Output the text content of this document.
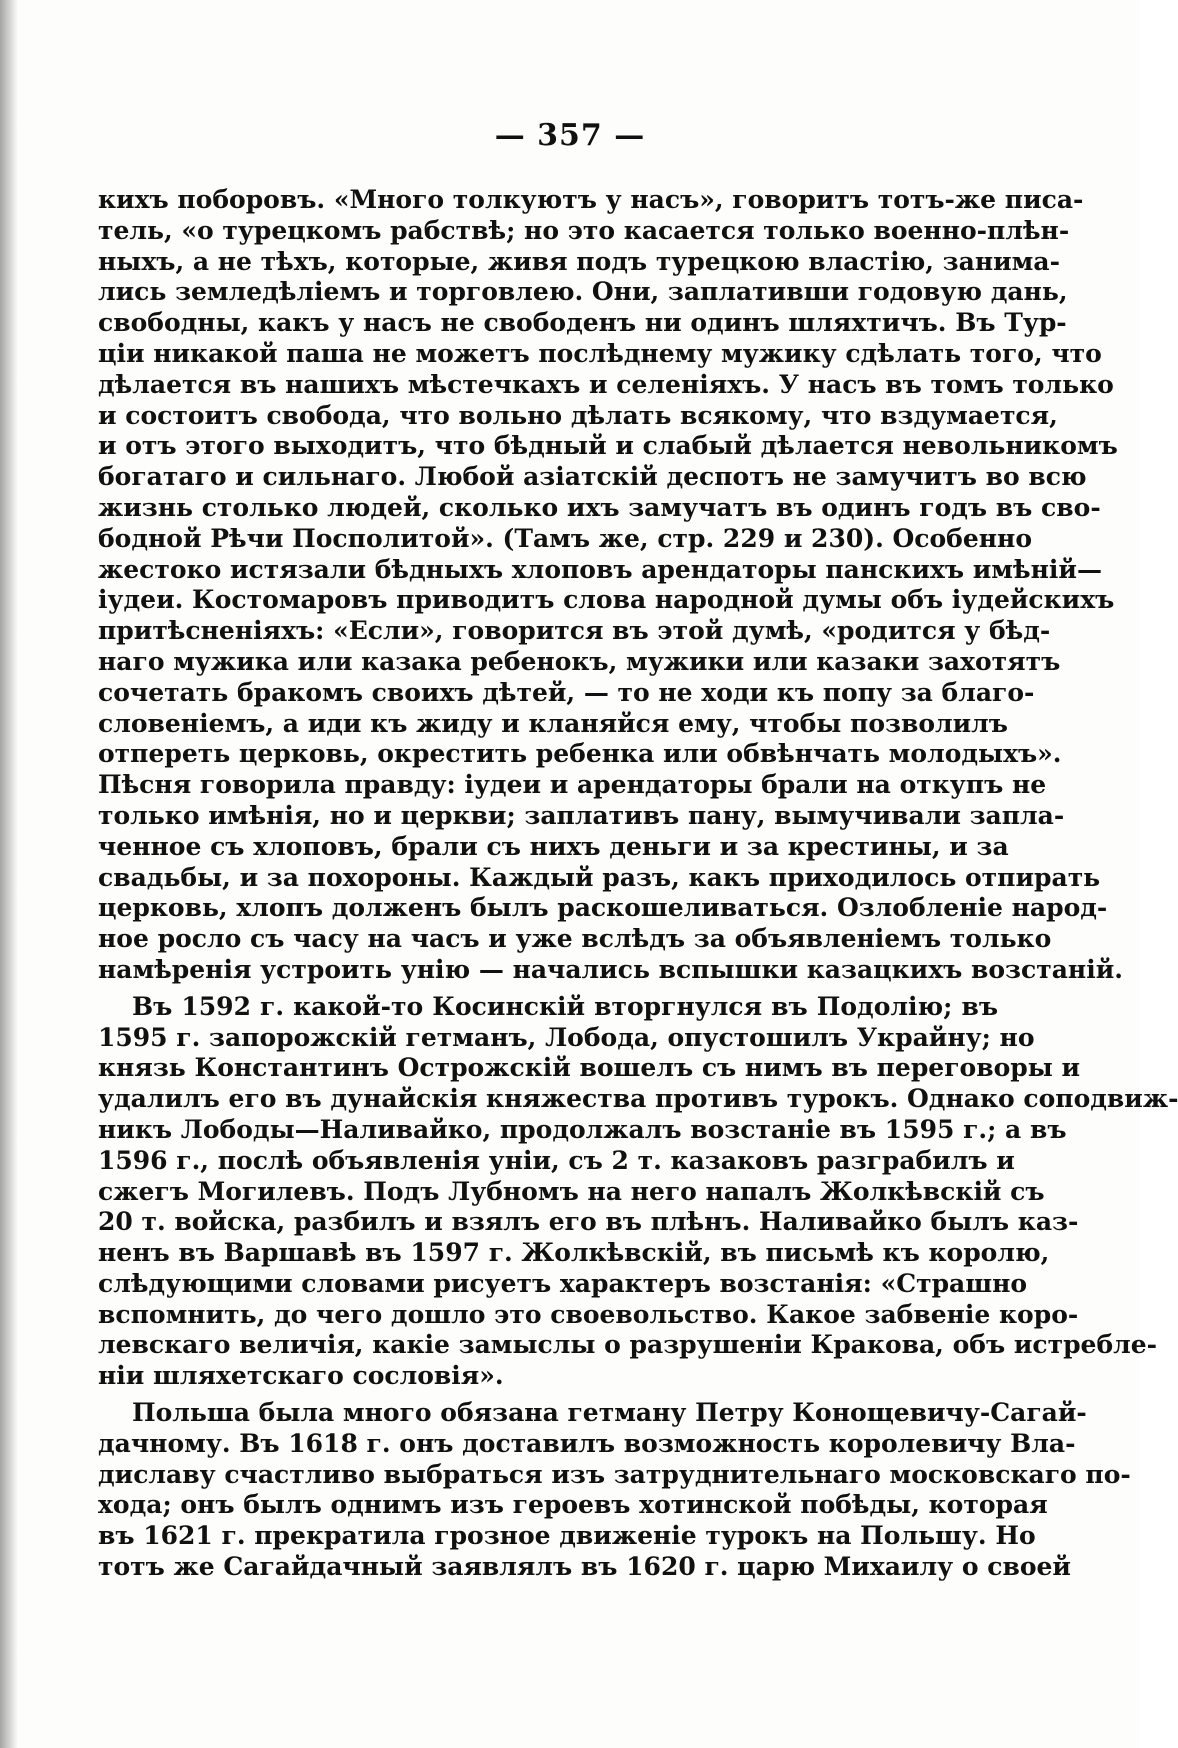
— 357 —
кихъ поборовъ. «Много толкуютъ у насъ», говоритъ тотъ-же писа-
тель, «о турецкомъ рабствѣ; но это касается только военно-плѣн-
ныхъ, а не тѣхъ, которые, живя подъ турецкою властію, занима-
лись земледѣліемъ и торговлею. Они, заплативши годовую дань,
свободны, какъ у насъ не свободенъ ни одинъ шляхтичъ. Въ Тур-
ціи никакой паша не можетъ послѣднему мужику сдѣлать того, что
дѣлается въ нашихъ мѣстечкахъ и селеніяхъ. У насъ въ томъ только
и состоитъ свобода, что вольно дѣлать всякому, что вздумается,
и отъ этого выходитъ, что бѣдный и слабый дѣлается невольникомъ
богатаго и сильнаго. Любой азіатскій деспотъ не замучитъ во всю
жизнь столько людей, сколько ихъ замучатъ въ одинъ годъ въ сво-
бодной Рѣчи Посполитой». (Тамъ же, стр. 229 и 230). Особенно
жестоко истязали бѣдныхъ хлоповъ арендаторы панскихъ имѣній—
іудеи. Костомаровъ приводитъ слова народной думы объ іудейскихъ
притѣсненіяхъ: «Если», говорится въ этой думѣ, «родится у бѣд-
наго мужика или казака ребенокъ, мужики или казаки захотятъ
сочетать бракомъ своихъ дѣтей, — то не ходи къ попу за благо-
словеніемъ, а иди къ жиду и кланяйся ему, чтобы позволилъ
отпереть церковь, окрестить ребенка или обвѣнчать молодыхъ».
Пѣсня говорила правду: іудеи и арендаторы брали на откупъ не
только имѣнія, но и церкви; заплативъ пану, вымучивали запла-
ченное съ хлоповъ, брали съ нихъ деньги и за крестины, и за
свадьбы, и за похороны. Каждый разъ, какъ приходилось отпирать
церковь, хлопъ долженъ былъ раскошеливаться. Озлобленіе народ-
ное росло съ часу на часъ и уже вслѣдъ за объявленіемъ только
намѣренія устроить унію — начались вспышки казацкихъ возстаній.
Въ 1592 г. какой-то Косинскій вторгнулся въ Подолію; въ
1595 г. запорожскій гетманъ, Лобода, опустошилъ Украйну; но
князь Константинъ Острожскій вошелъ съ нимъ въ переговоры и
удалилъ его въ дунайскія княжества противъ турокъ. Однако соподвиж-
никъ Лободы—Наливайко, продолжалъ возстаніе въ 1595 г.; а въ
1596 г., послѣ объявленія уніи, съ 2 т. казаковъ разграбилъ и
сжегъ Могилевъ. Подъ Лубномъ на него напалъ Жолкѣвскій съ
20 т. войска, разбилъ и взялъ его въ плѣнъ. Наливайко былъ каз-
ненъ въ Варшавѣ въ 1597 г. Жолкѣвскій, въ письмѣ къ королю,
слѣдующими словами рисуетъ характеръ возстанія: «Страшно
вспомнить, до чего дошло это своевольство. Какое забвеніе коро-
левскаго величія, какіе замыслы о разрушеніи Кракова, объ истребле-
ніи шляхетскаго сословія».
Польша была много обязана гетману Петру Конощевичу-Сагай-
дачному. Въ 1618 г. онъ доставилъ возможность королевичу Вла-
диславу счастливо выбраться изъ затруднительнаго московскаго по-
хода; онъ былъ однимъ изъ героевъ хотинской побѣды, которая
въ 1621 г. прекратила грозное движеніе турокъ на Польшу. Но
тотъ же Сагайдачный заявлялъ въ 1620 г. царю Михаилу о своей
